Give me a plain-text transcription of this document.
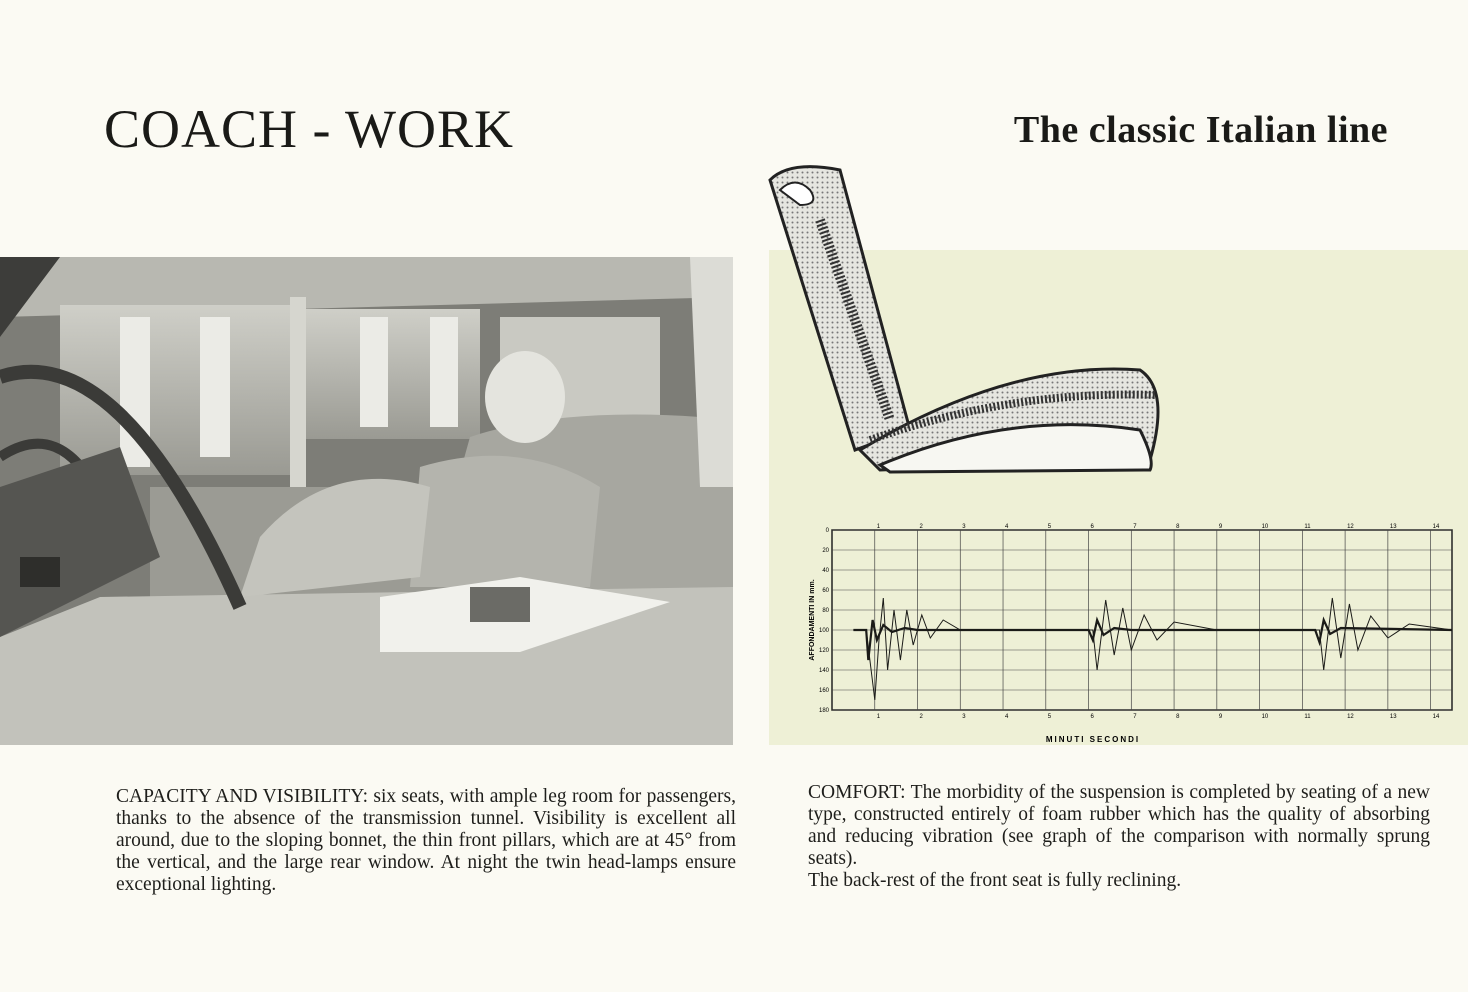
COACH - WORK	The classic Italian line
0
20
40
60
80
100
120
140
160
180
1
1
2
2
3
3
4
4
5
5
6
6
7
7
8
8
9
9
10
10
11
11
12
12
13
13
14
14
AFFONDAMENTI IN mm.
MINUTI SECONDI

CAPACITY AND VISIBILITY: six seats, with ample leg room for passengers, thanks to the absence of the transmission tunnel. Visibility is excellent all around, due to the sloping bonnet, the thin front pillars, which are at 45° from the vertical, and the large rear window. At night the twin head-lamps ensure exceptional lighting.

COMFORT: The morbidity of the suspension is completed by seating of a new type, constructed entirely of foam rubber which has the quality of absorbing and reducing vibration (see graph of the comparison with normally sprung seats).

The back-rest of the front seat is fully reclining.
